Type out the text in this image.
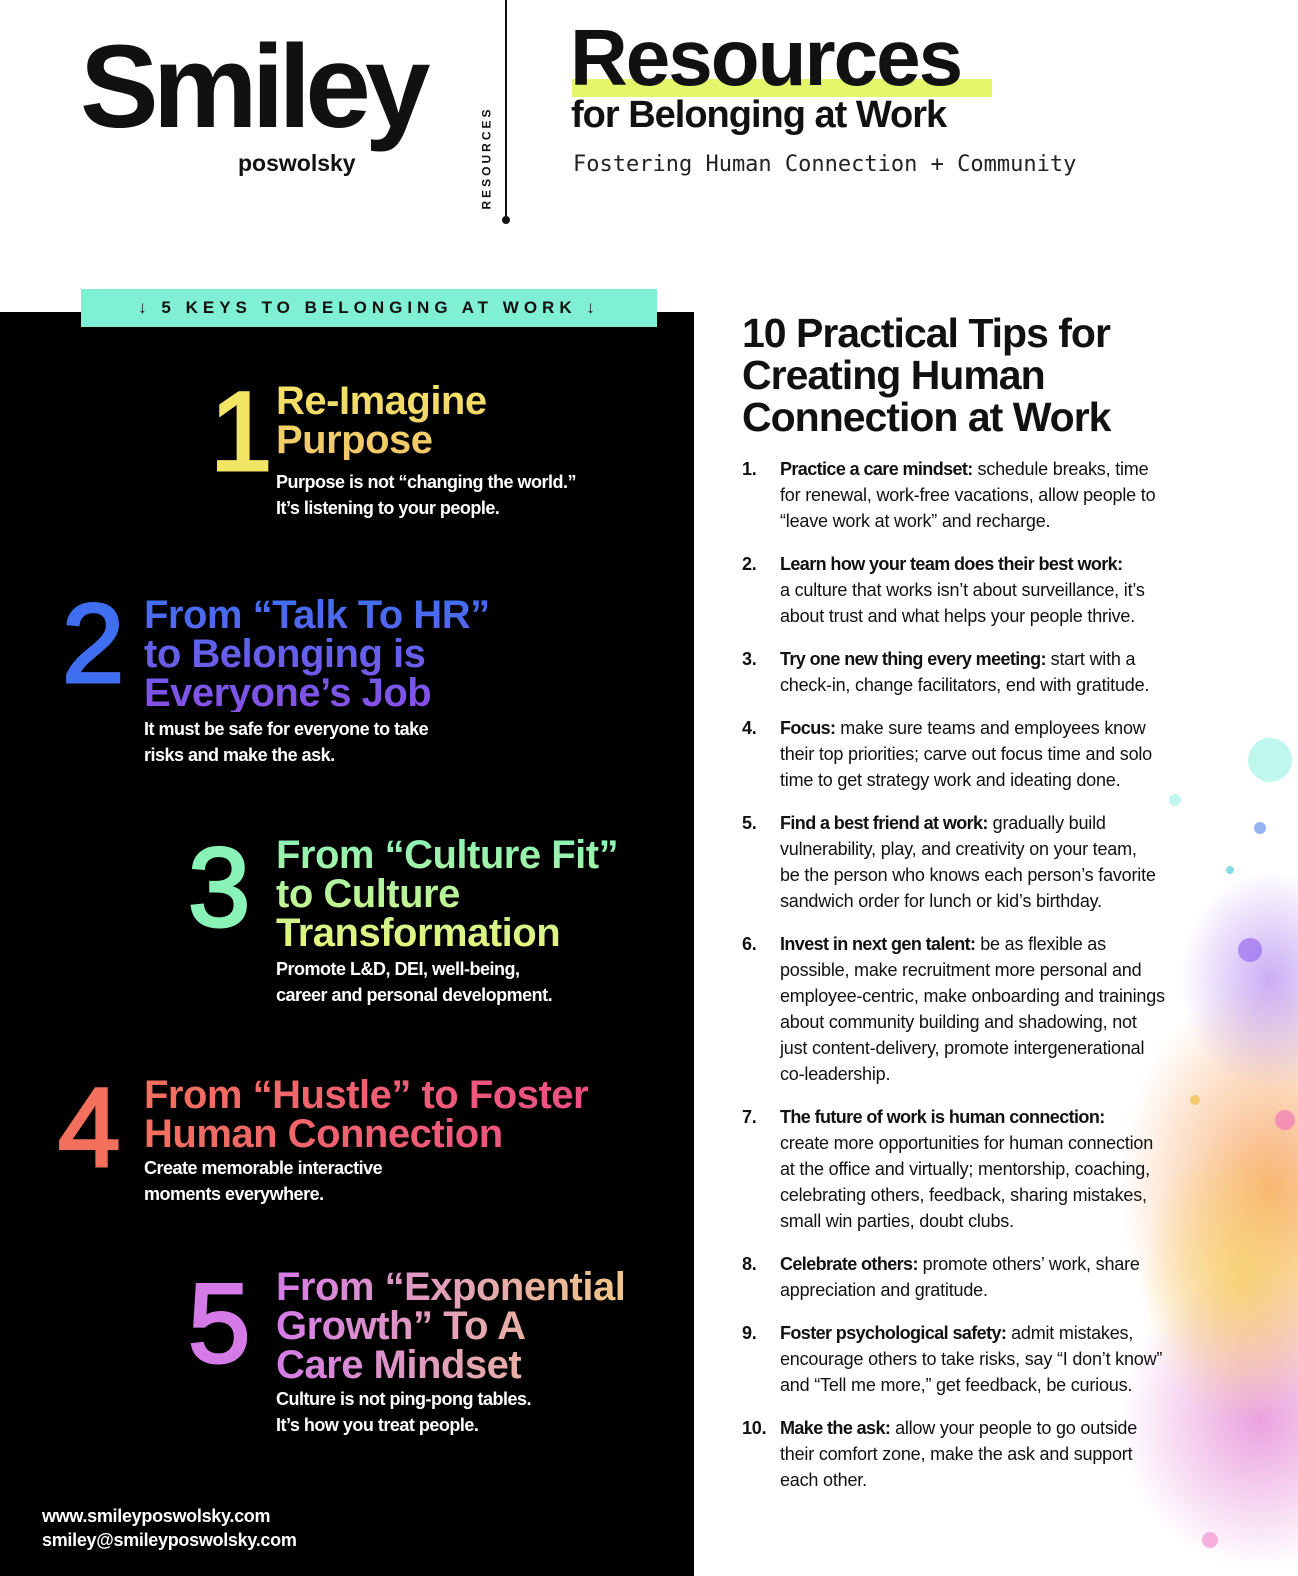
Smiley
poswolsky	RESOURCES
Resources
for Belonging at Work
Fostering Human Connection + Community
↓ 5 KEYS TO BELONGING AT WORK ↓
1 Re-Imagine
Purpose
Purpose is not “changing the world.”
It’s listening to your people.
2 From “Talk To HR”
to Belonging is
Everyone’s Job
It must be safe for everyone to take
risks and make the ask.
3 From “Culture Fit”
to Culture
Transformation
Promote L&D, DEI, well-being,
career and personal development.
4 From “Hustle” to Foster
Human Connection
Create memorable interactive
moments everywhere.
5 From “Exponential
Growth” To A
Care Mindset
Culture is not ping-pong tables.
It’s how you treat people.
www.smileyposwolsky.com
smiley@smileyposwolsky.com
10 Practical Tips for
Creating Human
Connection at Work
1. Practice a care mindset: schedule breaks, time
for renewal, work-free vacations, allow people to
“leave work at work” and recharge.
2. Learn how your team does their best work:
a culture that works isn’t about surveillance, it’s
about trust and what helps your people thrive.
3. Try one new thing every meeting: start with a
check-in, change facilitators, end with gratitude.
4. Focus: make sure teams and employees know
their top priorities; carve out focus time and solo
time to get strategy work and ideating done.
5. Find a best friend at work: gradually build
vulnerability, play, and creativity on your team,
be the person who knows each person’s favorite
sandwich order for lunch or kid’s birthday.
6. Invest in next gen talent: be as flexible as
possible, make recruitment more personal and
employee-centric, make onboarding and trainings
about community building and shadowing, not
just content-delivery, promote intergenerational
co-leadership.
7. The future of work is human connection:
create more opportunities for human connection
at the office and virtually; mentorship, coaching,
celebrating others, feedback, sharing mistakes,
small win parties, doubt clubs.
8. Celebrate others: promote others’ work, share
appreciation and gratitude.
9. Foster psychological safety: admit mistakes,
encourage others to take risks, say “I don’t know”
and “Tell me more,” get feedback, be curious.
10. Make the ask: allow your people to go outside
their comfort zone, make the ask and support
each other.
